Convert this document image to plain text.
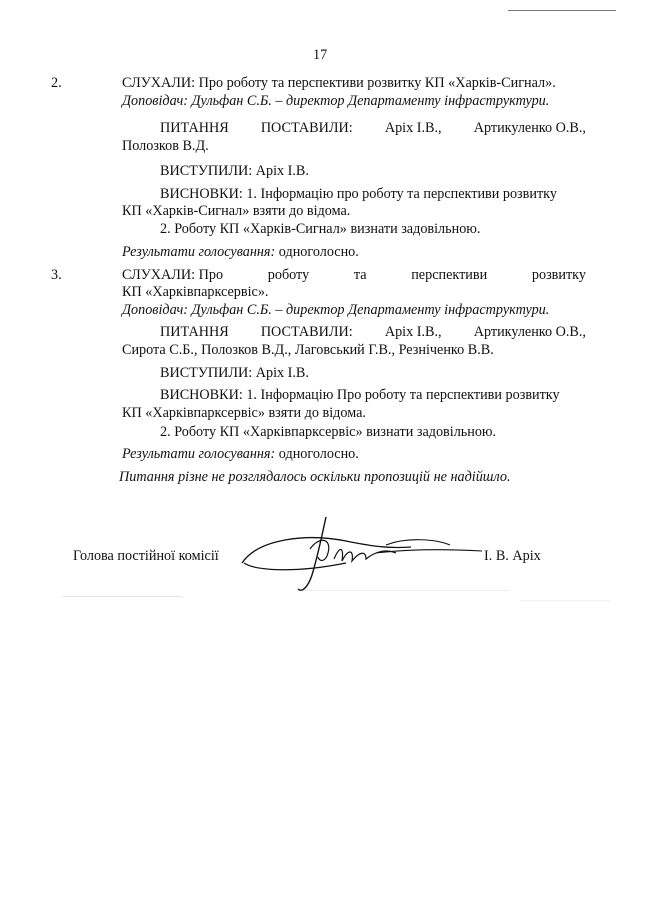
17
2.	СЛУХАЛИ: Про роботу та перспективи розвитку КП «Харків-Сигнал».
Доповідач: Дульфан С.Б. – директор Департаменту інфраструктури.
ПИТАННЯ ПОСТАВИЛИ: Аріх І.В., Артикуленко О.В.,
Полозков В.Д.
ВИСТУПИЛИ: Аріх І.В.
ВИСНОВКИ: 1. Інформацію про роботу та перспективи розвитку
КП «Харків-Сигнал» взяти до відома.
2. Роботу КП «Харків-Сигнал» визнати задовільною.
Результати голосування: одноголосно.
3.	СЛУХАЛИ: Про	роботу	та	перспективи	розвитку
КП «Харківпарксервіс».
Доповідач: Дульфан С.Б. – директор Департаменту інфраструктури.
ПИТАННЯ ПОСТАВИЛИ: Аріх І.В., Артикуленко О.В.,
Сирота С.Б., Полозков В.Д., Лаговський Г.В., Резніченко В.В.
ВИСТУПИЛИ: Аріх І.В.
ВИСНОВКИ: 1. Інформацію Про роботу та перспективи розвитку
КП «Харківпарксервіс» взяти до відома.
2. Роботу КП «Харківпарксервіс» визнати задовільною.
Результати голосування: одноголосно.
Питання різне не розглядалось оскільки пропозицій не надійшло.
Голова постійної комісії	І. В. Аріх
